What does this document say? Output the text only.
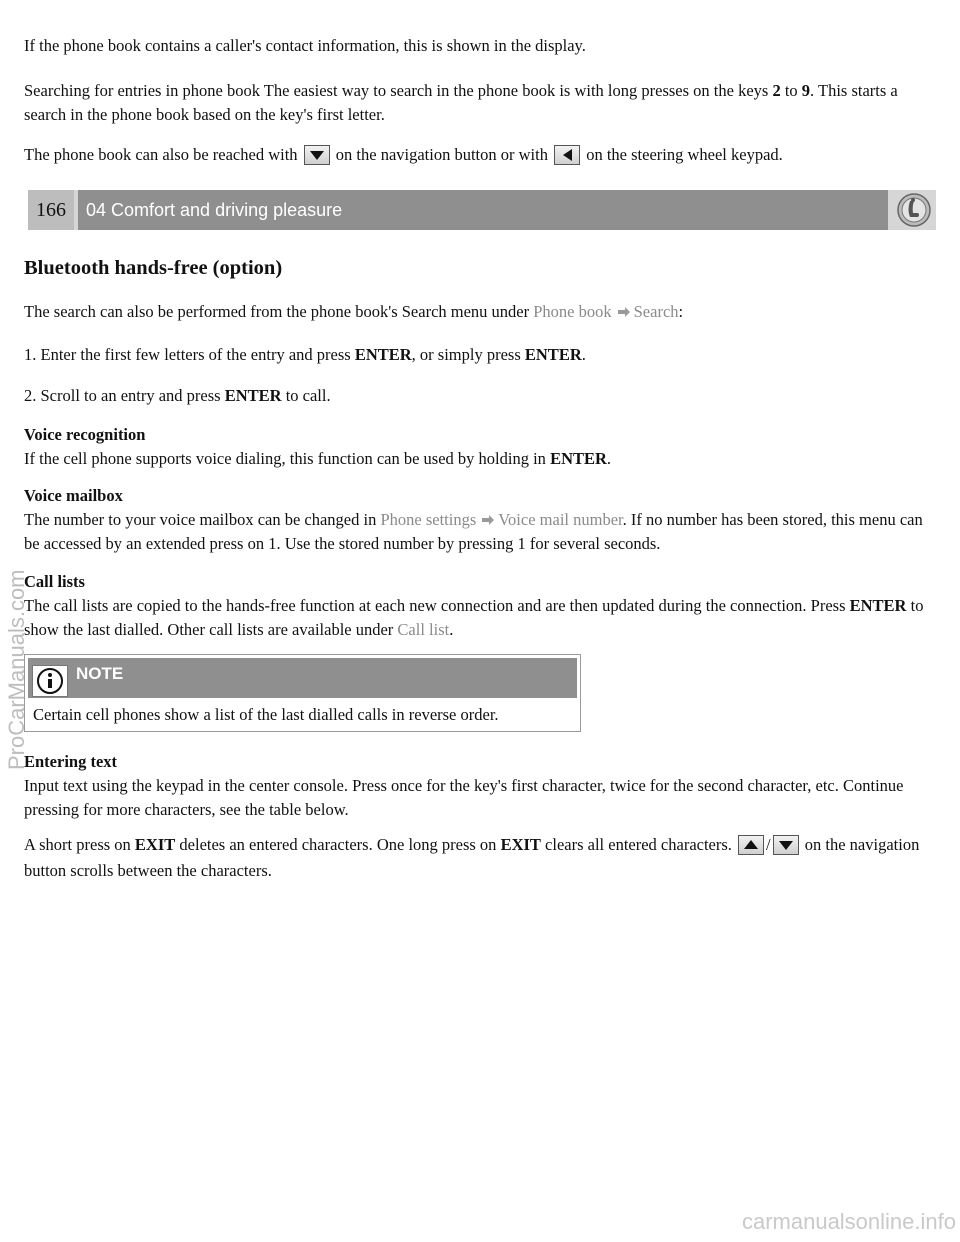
If the phone book contains a caller's contact information, this is shown in the display.

Searching for entries in phone book The easiest way to search in the phone book is with long presses on the keys 2 to 9. This starts a search in the phone book based on the key's first letter.

The phone book can also be reached with
on the navigation button or with
on the steering wheel keypad.

166	04 Comfort and driving pleasure
Bluetooth hands-free (option)

The search can also be performed from the phone book's Search menu under Phone book Search:

1. Enter the first few letters of the entry and press ENTER, or simply press ENTER.

2. Scroll to an entry and press ENTER to call.

Voice recognition
If the cell phone supports voice dialing, this function can be used by holding in ENTER.

Voice mailbox
The number to your voice mailbox can be changed in Phone settings Voice mail number. If no number has been stored, this menu can be accessed by an extended press on 1. Use the stored number by pressing 1 for several seconds.

Call lists
The call lists are copied to the hands-free function at each new connection and are then updated during the connection. Press ENTER to show the last dialled. Other call lists are available under Call list.

NOTE
Certain cell phones show a list of the last dialled calls in reverse order.

Entering text
Input text using the keypad in the center console. Press once for the key's first character, twice for the second character, etc. Continue pressing for more characters, see the table below.

A short press on EXIT deletes an entered characters. One long press on EXIT clears all entered characters.
/
on the navigation button scrolls between the characters.

ProCarManuals.com
carmanualsonline.info
